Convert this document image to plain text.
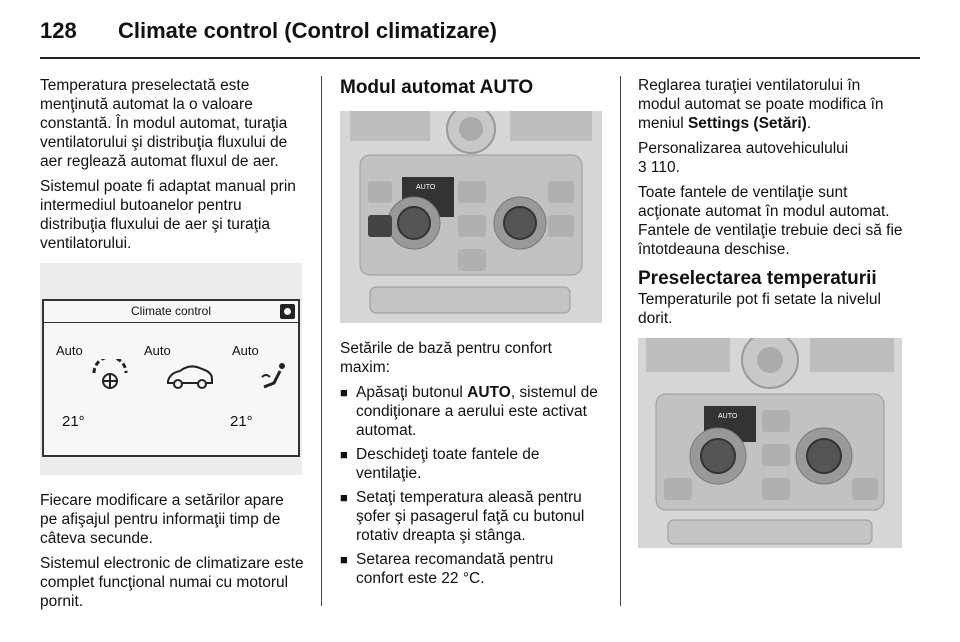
128 Climate control (Control climatizare)

Temperatura preselectată este menţinută automat la o valoare constantă. În modul automat, turaţia ventilatorului şi distribuţia fluxului de aer reglează automat fluxul de aer.

Sistemul poate fi adaptat manual prin intermediul butoanelor pentru distribuţia fluxului de aer şi turaţia ventilatorului.

Climate control
Auto	Auto	Auto
21°	21°

Fiecare modificare a setărilor apare pe afişajul pentru informaţii timp de câteva secunde.

Sistemul electronic de climatizare este complet funcţional numai cu motorul pornit.

Modul automat AUTO
AUTO

Setările de bază pentru confort maxim:

■ Apăsaţi butonul AUTO, sistemul de condiţionare a aerului este activat automat.
■ Deschideţi toate fantele de ventilaţie.
■ Setaţi temperatura aleasă pentru şofer şi pasagerul faţă cu butonul rotativ dreapta şi stânga.
■ Setarea recomandată pentru confort este 22 °C.

Reglarea turaţiei ventilatorului în modul automat se poate modifica în meniul Settings (Setări).

Personalizarea autovehiculului
3 110.

Toate fantele de ventilaţie sunt acţionate automat în modul automat. Fantele de ventilaţie trebuie deci să fie întotdeauna deschise.

Preselectarea temperaturii

Temperaturile pot fi setate la nivelul dorit.

AUTO
